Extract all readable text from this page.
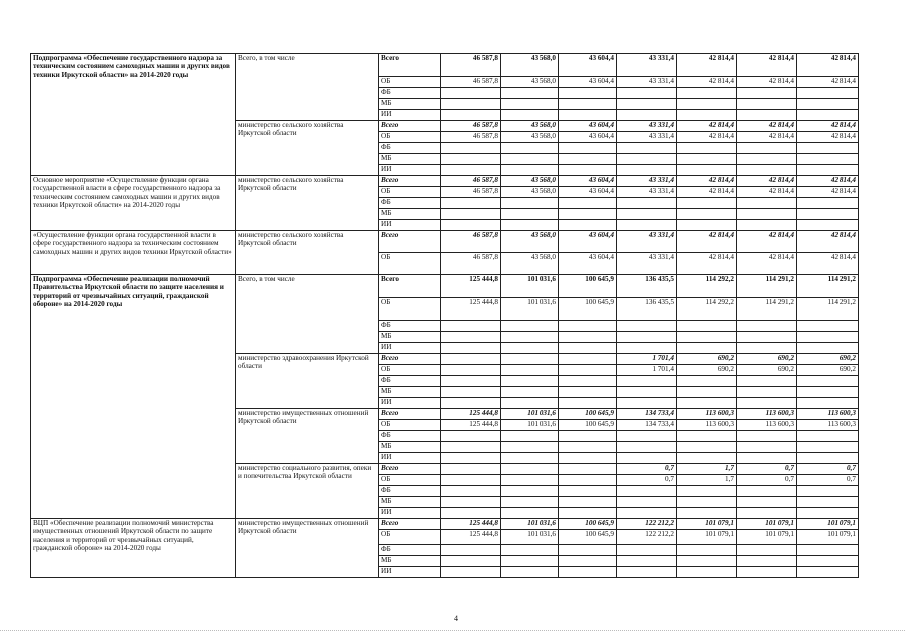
Подпрограмма «Обеспечение государственного надзора за техническим состоянием самоходных машин и других видов техники Иркутской области» на 2014-2020 годы	Всего, в том числе	Всего	46 587,8	43 568,0	43 604,4	43 331,4	42 814,4	42 814,4	42 814,4
		ОБ	46 587,8	43 568,0	43 604,4	43 331,4	42 814,4	42 814,4	42 814,4
		ФБ							
		МБ							
		ИИ							
	министерство сельского хозяйства Иркутской области	Всего	46 587,8	43 568,0	43 604,4	43 331,4	42 814,4	42 814,4	42 814,4
		ОБ	46 587,8	43 568,0	43 604,4	43 331,4	42 814,4	42 814,4	42 814,4
		ФБ							
		МБ							
		ИИ							
Основное мероприятие «Осуществление функции органа государственной власти в сфере государственного надзора за техническим состоянием самоходных машин и других видов техники Иркутской области» на 2014-2020 годы	министерство сельского хозяйства Иркутской области	Всего	46 587,8	43 568,0	43 604,4	43 331,4	42 814,4	42 814,4	42 814,4
		ОБ	46 587,8	43 568,0	43 604,4	43 331,4	42 814,4	42 814,4	42 814,4
		ФБ							
		МБ							
		ИИ							
«Осуществление функции органа государственной власти в сфере государственного надзора за техническим состоянием самоходных машин и других видов техники Иркутской области»	министерство сельского хозяйства Иркутской области	Всего	46 587,8	43 568,0	43 604,4	43 331,4	42 814,4	42 814,4	42 814,4
		ОБ	46 587,8	43 568,0	43 604,4	43 331,4	42 814,4	42 814,4	42 814,4
Подпрограмма «Обеспечение реализации полномочий Правительства Иркутской области по защите населения и территорий от чрезвычайных ситуаций, гражданской обороне» на 2014-2020 годы	Всего, в том числе	Всего	125 444,8	101 031,6	100 645,9	136 435,5	114 292,2	114 291,2	114 291,2
		ОБ	125 444,8	101 031,6	100 645,9	136 435,5	114 292,2	114 291,2	114 291,2
		ФБ							
		МБ							
		ИИ							
	министерство здравоохранения Иркутской области	Всего				1 701,4	690,2	690,2	690,2
		ОБ				1 701,4	690,2	690,2	690,2
		ФБ							
		МБ							
		ИИ							
	министерство имущественных отношений Иркутской области	Всего	125 444,8	101 031,6	100 645,9	134 733,4	113 600,3	113 600,3	113 600,3
		ОБ	125 444,8	101 031,6	100 645,9	134 733,4	113 600,3	113 600,3	113 600,3
		ФБ							
		МБ							
		ИИ							
	министерство социального развития, опеки и попечительства Иркутской области	Всего				0,7	1,7	0,7	0,7
		ОБ				0,7	1,7	0,7	0,7
		ФБ							
		МБ							
		ИИ							
ВЦП «Обеспечение реализации полномочий министерства имущественных отношений Иркутской области по защите населения и территорий от чрезвычайных ситуаций, гражданской обороне» на 2014-2020 годы	министерство имущественных отношений Иркутской области	Всего	125 444,8	101 031,6	100 645,9	122 212,2	101 079,1	101 079,1	101 079,1
		ОБ	125 444,8	101 031,6	100 645,9	122 212,2	101 079,1	101 079,1	101 079,1
		ФБ							
		МБ							
		ИИ							
4
